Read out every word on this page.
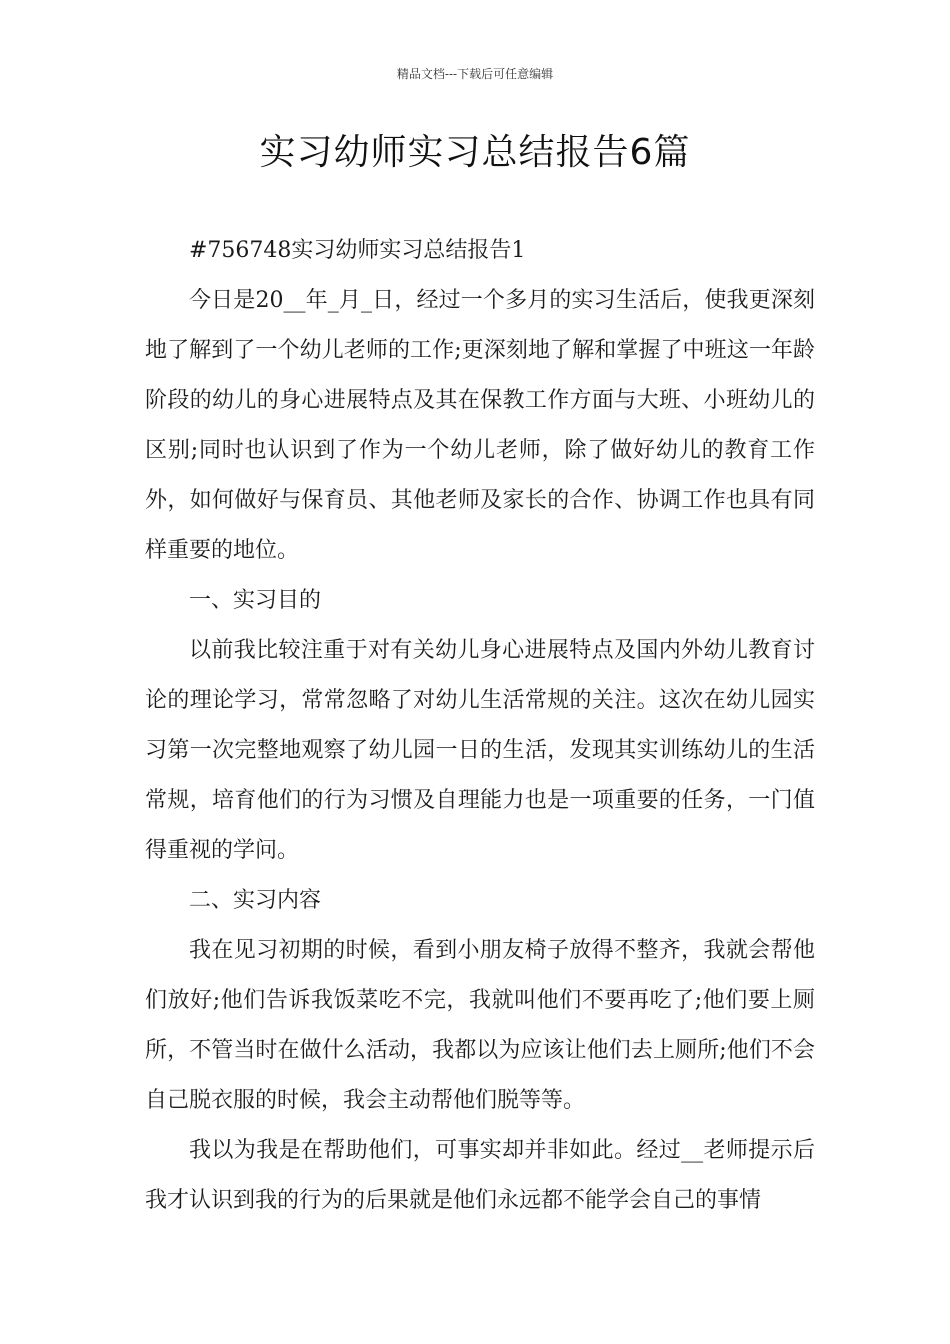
精品文档---下载后可任意编辑
实习幼师实习总结报告6篇

#756748实习幼师实习总结报告1

今日是20__年_月_日，经过一个多月的实习生活后，使我更深刻地了解到了一个幼儿老师的工作;更深刻地了解和掌握了中班这一年龄阶段的幼儿的身心进展特点及其在保教工作方面与大班、小班幼儿的区别;同时也认识到了作为一个幼儿老师，除了做好幼儿的教育工作外，如何做好与保育员、其他老师及家长的合作、协调工作也具有同样重要的地位。

一、实习目的

以前我比较注重于对有关幼儿身心进展特点及国内外幼儿教育讨论的理论学习，常常忽略了对幼儿生活常规的关注。这次在幼儿园实习第一次完整地观察了幼儿园一日的生活，发现其实训练幼儿的生活常规，培育他们的行为习惯及自理能力也是一项重要的任务，一门值得重视的学问。

二、实习内容

我在见习初期的时候，看到小朋友椅子放得不整齐，我就会帮他们放好;他们告诉我饭菜吃不完，我就叫他们不要再吃了;他们要上厕所，不管当时在做什么活动，我都以为应该让他们去上厕所;他们不会自己脱衣服的时候，我会主动帮他们脱等等。

我以为我是在帮助他们，可事实却并非如此。经过__老师提示后我才认识到我的行为的后果就是他们永远都不能学会自己的事情
